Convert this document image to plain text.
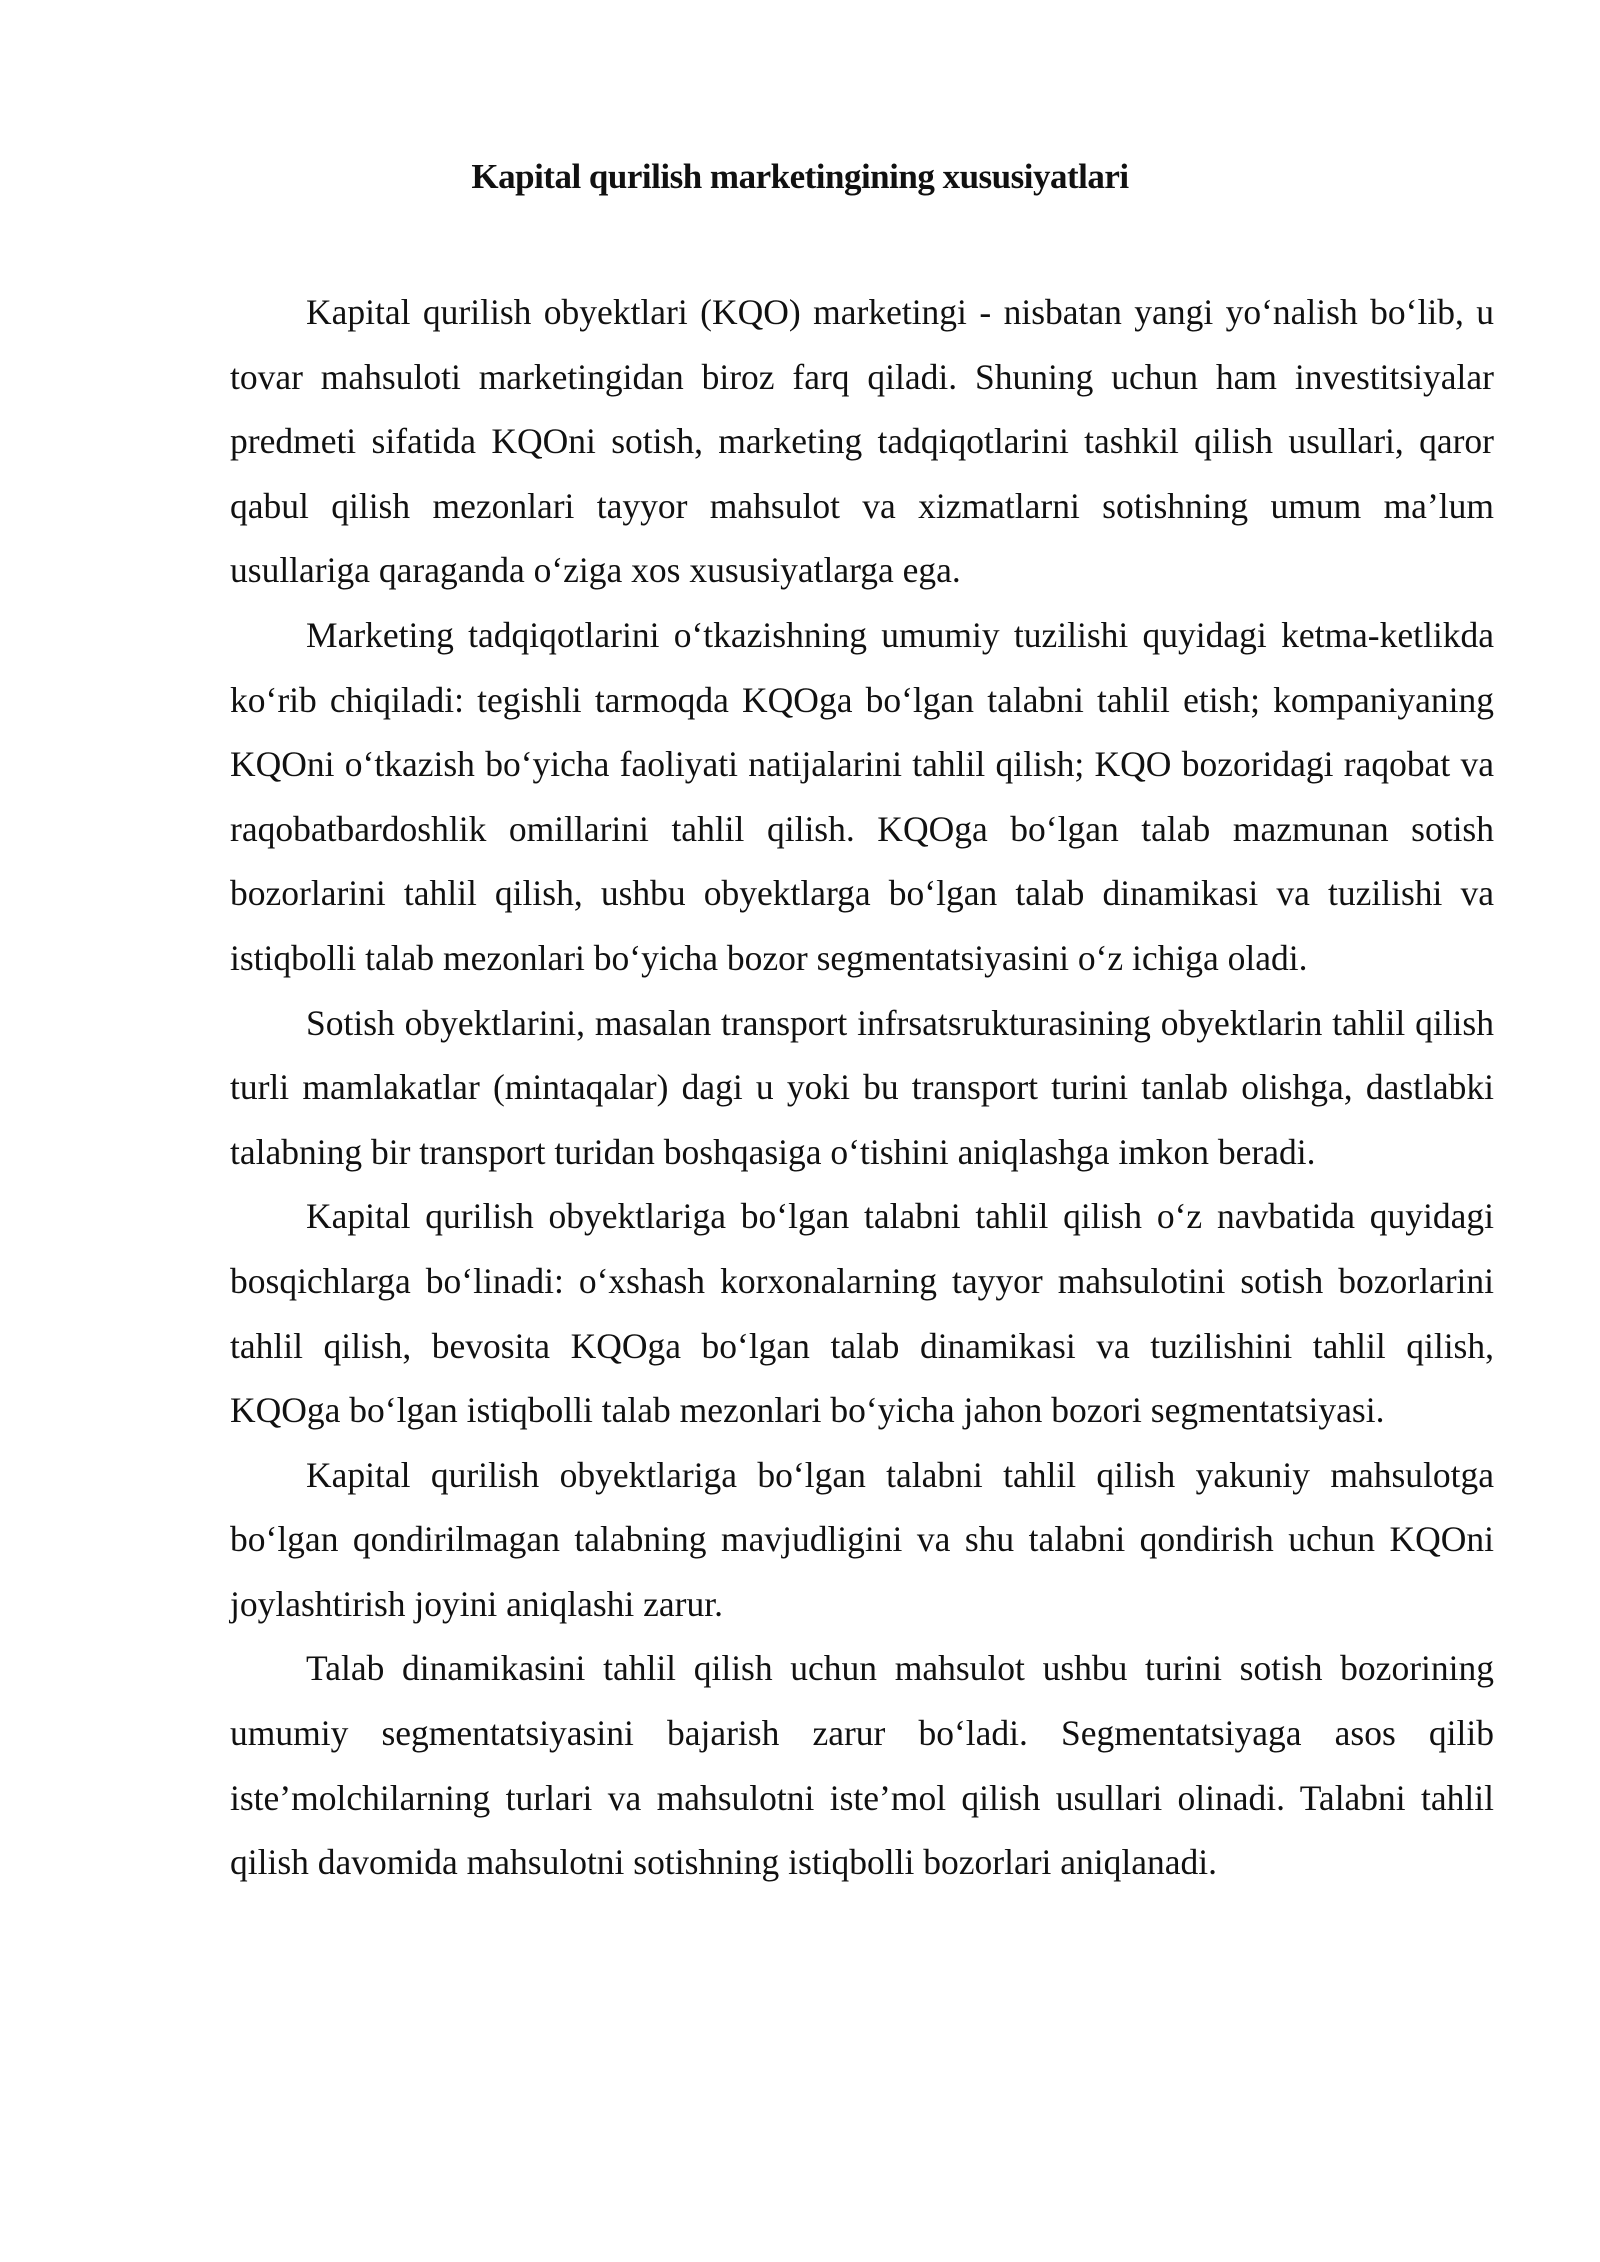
Kapital qurilish marketingining xususiyatlari

Kapital qurilish obyektlari (KQO) marketingi - nisbatan yangi yo‘nalish bo‘lib, u tovar mahsuloti marketingidan biroz farq qiladi. Shuning uchun ham investitsiyalar predmeti sifatida KQOni sotish, marketing tadqiqotlarini tashkil qilish usullari, qaror qabul qilish mezonlari tayyor mahsulot va xizmatlarni sotishning umum ma’lum usullariga qaraganda o‘ziga xos xususiyatlarga ega.

Marketing tadqiqotlarini o‘tkazishning umumiy tuzilishi quyidagi ketma-ketlikda ko‘rib chiqiladi: tegishli tarmoqda KQOga bo‘lgan talabni tahlil etish; kompaniyaning KQOni o‘tkazish bo‘yicha faoliyati natijalarini tahlil qilish; KQO bozoridagi raqobat va raqobatbardoshlik omillarini tahlil qilish. KQOga bo‘lgan talab mazmunan sotish bozorlarini tahlil qilish, ushbu obyektlarga bo‘lgan talab dinamikasi va tuzilishi va istiqbolli talab mezonlari bo‘yicha bozor segmentatsiyasini o‘z ichiga oladi.

Sotish obyektlarini, masalan transport infrsatsrukturasining obyektlarin tahlil qilish turli mamlakatlar (mintaqalar) dagi u yoki bu transport turini tanlab olishga, dastlabki talabning bir transport turidan boshqasiga o‘tishini aniqlashga imkon beradi.

Kapital qurilish obyektlariga bo‘lgan talabni tahlil qilish o‘z navbatida quyidagi bosqichlarga bo‘linadi: o‘xshash korxonalarning tayyor mahsulotini sotish bozorlarini tahlil qilish, bevosita KQOga bo‘lgan talab dinamikasi va tuzilishini tahlil qilish, KQOga bo‘lgan istiqbolli talab mezonlari bo‘yicha jahon bozori segmentatsiyasi.

Kapital qurilish obyektlariga bo‘lgan talabni tahlil qilish yakuniy mahsulotga bo‘lgan qondirilmagan talabning mavjudligini va shu talabni qondirish uchun KQOni joylashtirish joyini aniqlashi zarur.

Talab dinamikasini tahlil qilish uchun mahsulot ushbu turini sotish bozorining umumiy segmentatsiyasini bajarish zarur bo‘ladi. Segmentatsiyaga asos qilib iste’molchilarning turlari va mahsulotni iste’mol qilish usullari olinadi. Talabni tahlil qilish davomida mahsulotni sotishning istiqbolli bozorlari aniqlanadi.
